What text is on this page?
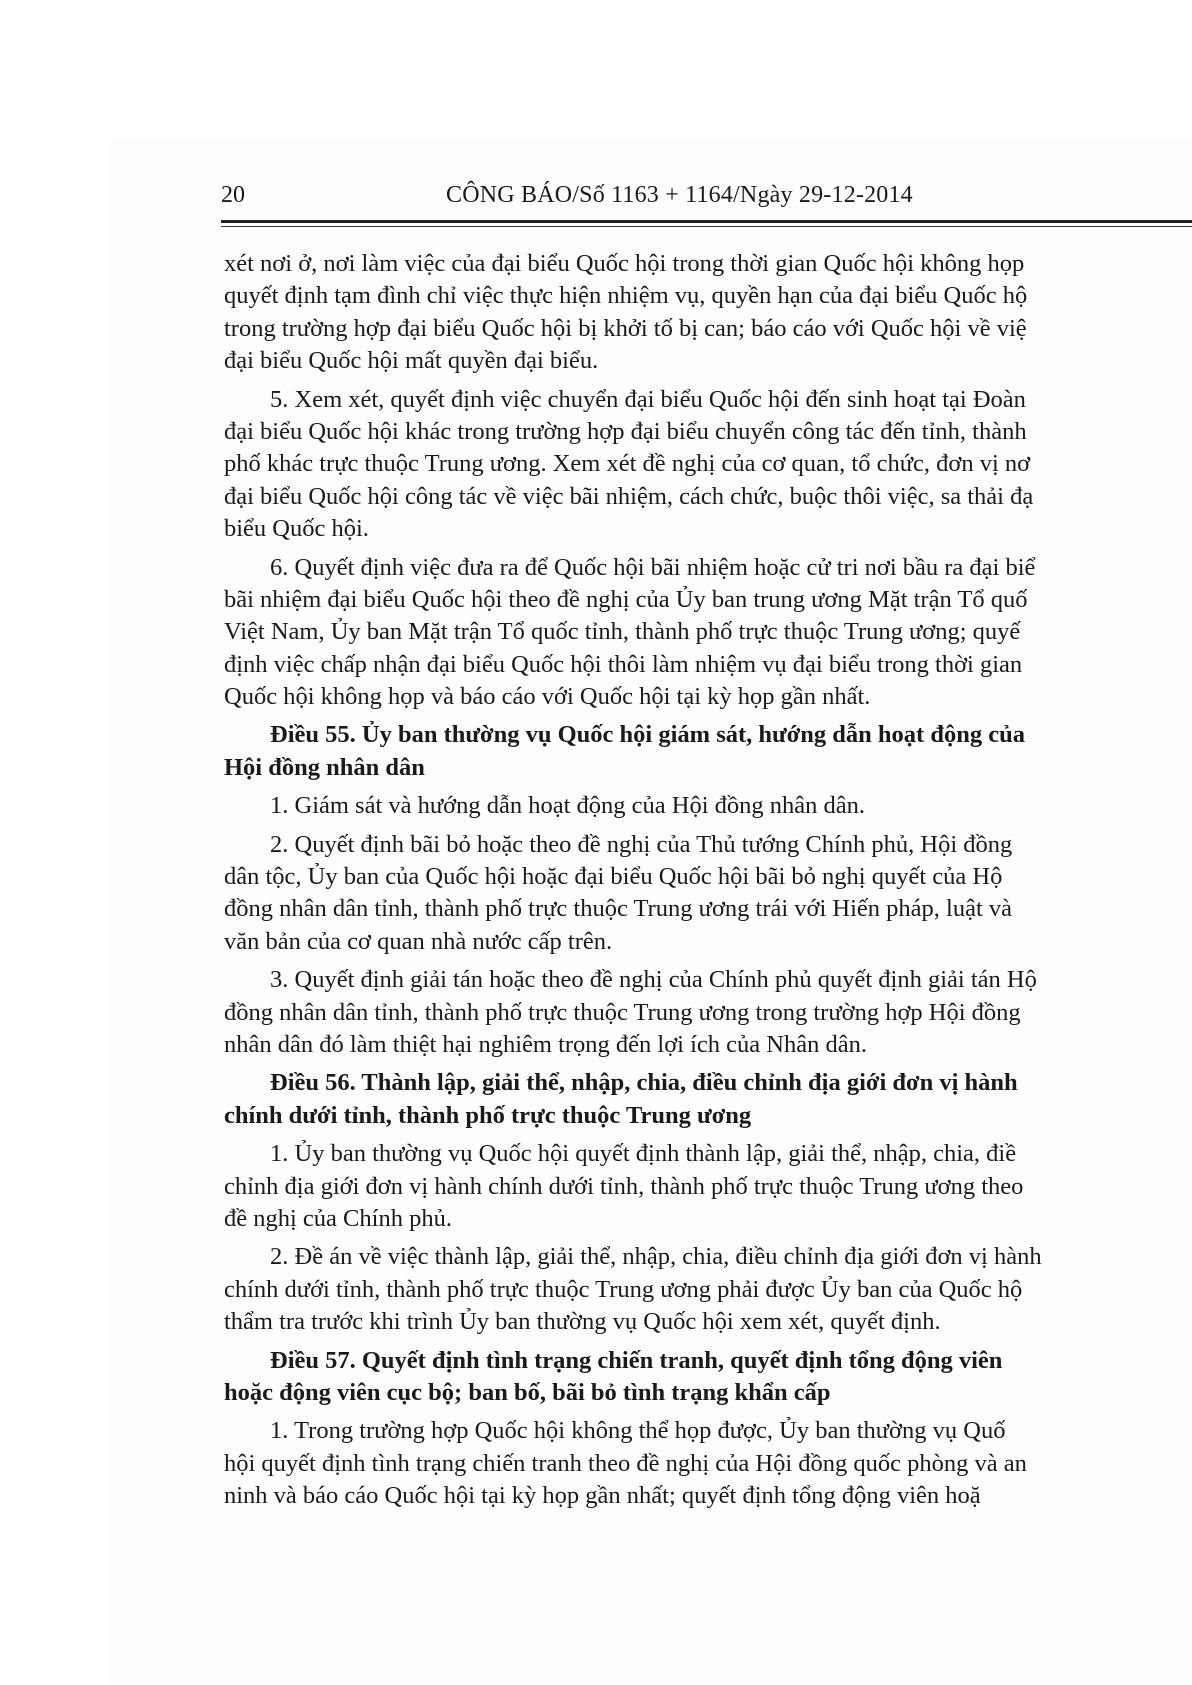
20	CÔNG BÁO/Số 1163 + 1164/Ngày 29-12-2014
xét nơi ở, nơi làm việc của đại biểu Quốc hội trong thời gian Quốc hội không họp
quyết định tạm đình chỉ việc thực hiện nhiệm vụ, quyền hạn của đại biểu Quốc hộ
trong trường hợp đại biểu Quốc hội bị khởi tố bị can; báo cáo với Quốc hội về việ
đại biểu Quốc hội mất quyền đại biểu.
5. Xem xét, quyết định việc chuyển đại biểu Quốc hội đến sinh hoạt tại Đoàn
đại biểu Quốc hội khác trong trường hợp đại biểu chuyển công tác đến tỉnh, thành
phố khác trực thuộc Trung ương. Xem xét đề nghị của cơ quan, tổ chức, đơn vị nơ
đại biểu Quốc hội công tác về việc bãi nhiệm, cách chức, buộc thôi việc, sa thải đạ
biểu Quốc hội.
6. Quyết định việc đưa ra để Quốc hội bãi nhiệm hoặc cử tri nơi bầu ra đại biể
bãi nhiệm đại biểu Quốc hội theo đề nghị của Ủy ban trung ương Mặt trận Tổ quố
Việt Nam, Ủy ban Mặt trận Tổ quốc tỉnh, thành phố trực thuộc Trung ương; quyế
định việc chấp nhận đại biểu Quốc hội thôi làm nhiệm vụ đại biểu trong thời gian
Quốc hội không họp và báo cáo với Quốc hội tại kỳ họp gần nhất.
Điều 55. Ủy ban thường vụ Quốc hội giám sát, hướng dẫn hoạt động của
Hội đồng nhân dân
1. Giám sát và hướng dẫn hoạt động của Hội đồng nhân dân.
2. Quyết định bãi bỏ hoặc theo đề nghị của Thủ tướng Chính phủ, Hội đồng
dân tộc, Ủy ban của Quốc hội hoặc đại biểu Quốc hội bãi bỏ nghị quyết của Hộ
đồng nhân dân tỉnh, thành phố trực thuộc Trung ương trái với Hiến pháp, luật và
văn bản của cơ quan nhà nước cấp trên.
3. Quyết định giải tán hoặc theo đề nghị của Chính phủ quyết định giải tán Hộ
đồng nhân dân tỉnh, thành phố trực thuộc Trung ương trong trường hợp Hội đồng
nhân dân đó làm thiệt hại nghiêm trọng đến lợi ích của Nhân dân.
Điều 56. Thành lập, giải thể, nhập, chia, điều chỉnh địa giới đơn vị hành
chính dưới tỉnh, thành phố trực thuộc Trung ương
1. Ủy ban thường vụ Quốc hội quyết định thành lập, giải thể, nhập, chia, điề
chỉnh địa giới đơn vị hành chính dưới tỉnh, thành phố trực thuộc Trung ương theo
đề nghị của Chính phủ.
2. Đề án về việc thành lập, giải thể, nhập, chia, điều chỉnh địa giới đơn vị hành
chính dưới tỉnh, thành phố trực thuộc Trung ương phải được Ủy ban của Quốc hộ
thẩm tra trước khi trình Ủy ban thường vụ Quốc hội xem xét, quyết định.
Điều 57. Quyết định tình trạng chiến tranh, quyết định tổng động viên
hoặc động viên cục bộ; ban bố, bãi bỏ tình trạng khẩn cấp
1. Trong trường hợp Quốc hội không thể họp được, Ủy ban thường vụ Quố
hội quyết định tình trạng chiến tranh theo đề nghị của Hội đồng quốc phòng và an
ninh và báo cáo Quốc hội tại kỳ họp gần nhất; quyết định tổng động viên hoặ
